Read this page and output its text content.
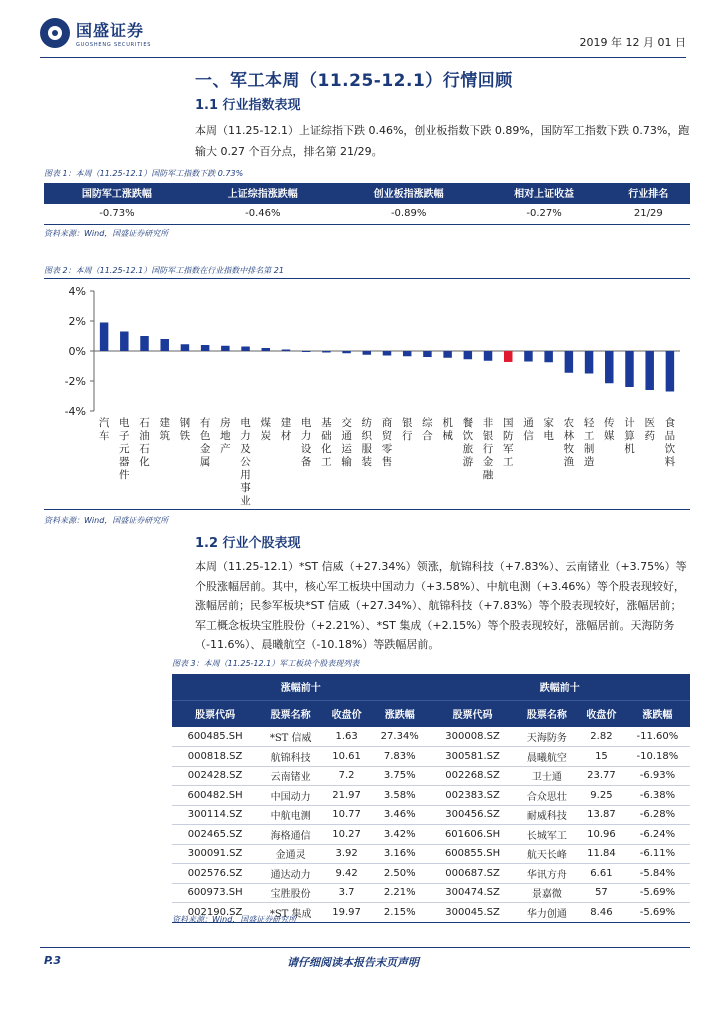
国盛证券
GUOSHENG SECURITIES	2019 年 12 月 01 日
一、军工本周（11.25-12.1）行情回顾
1.1 行业指数表现
本周（11.25-12.1）上证综指下跌 0.46%，创业板指数下跌 0.89%，国防军工指数下跌 0.73%，跑输大 0.27 个百分点，排名第 21/29。
图表 1：本周（11.25-12.1）国防军工指数下跌 0.73%
国防军工涨跌幅	上证综指涨跌幅	创业板指涨跌幅	相对上证收益	行业排名
-0.73%	-0.46%	-0.89%	-0.27%	21/29
资料来源：Wind，国盛证券研究所
图表 2：本周（11.25-12.1）国防军工指数在行业指数中排名第 21
4%
2%
0%
-2%
-4%
汽车
电子元器件
石油石化
建筑
钢铁
有色金属
房地产
电力及公用事业
煤炭
建材
电力设备
基础化工
交通运输
纺织服装
商贸零售
银行
综合
机械
餐饮旅游
非银行金融
国防军工
通信
家电
农林牧渔
轻工制造
传媒
计算机
医药
食品饮料
资料来源：Wind，国盛证券研究所
1.2 行业个股表现
本周（11.25-12.1）*ST 信威（+27.34%）领涨，航锦科技（+7.83%）、云南锗业（+3.75%）等个股涨幅居前。其中，核心军工板块中国动力（+3.58%）、中航电测（+3.46%）等个股表现较好，涨幅居前；民参军板块*ST 信威（+27.34%）、航锦科技（+7.83%）等个股表现较好，涨幅居前；军工概念板块宝胜股份（+2.21%）、*ST 集成（+2.15%）等个股表现较好，涨幅居前。天海防务（-11.6%）、晨曦航空（-10.18%）等跌幅居前。
图表 3：本周（11.25-12.1）军工板块个股表现列表
涨幅前十				跌幅前十			
股票代码	股票名称	收盘价	涨跌幅	股票代码	股票名称	收盘价	涨跌幅
600485.SH	*ST 信威	1.63	27.34%	300008.SZ	天海防务	2.82	-11.60%
000818.SZ	航锦科技	10.61	7.83%	300581.SZ	晨曦航空	15	-10.18%
002428.SZ	云南锗业	7.2	3.75%	002268.SZ	卫士通	23.77	-6.93%
600482.SH	中国动力	21.97	3.58%	002383.SZ	合众思壮	9.25	-6.38%
300114.SZ	中航电测	10.77	3.46%	300456.SZ	耐威科技	13.87	-6.28%
002465.SZ	海格通信	10.27	3.42%	601606.SH	长城军工	10.96	-6.24%
300091.SZ	金通灵	3.92	3.16%	600855.SH	航天长峰	11.84	-6.11%
002576.SZ	通达动力	9.42	2.50%	000687.SZ	华讯方舟	6.61	-5.84%
600973.SH	宝胜股份	3.7	2.21%	300474.SZ	景嘉微	57	-5.69%
002190.SZ	*ST 集成	19.97	2.15%	300045.SZ	华力创通	8.46	-5.69%
资料来源：Wind，国盛证券研究所
P.3	请仔细阅读本报告末页声明
